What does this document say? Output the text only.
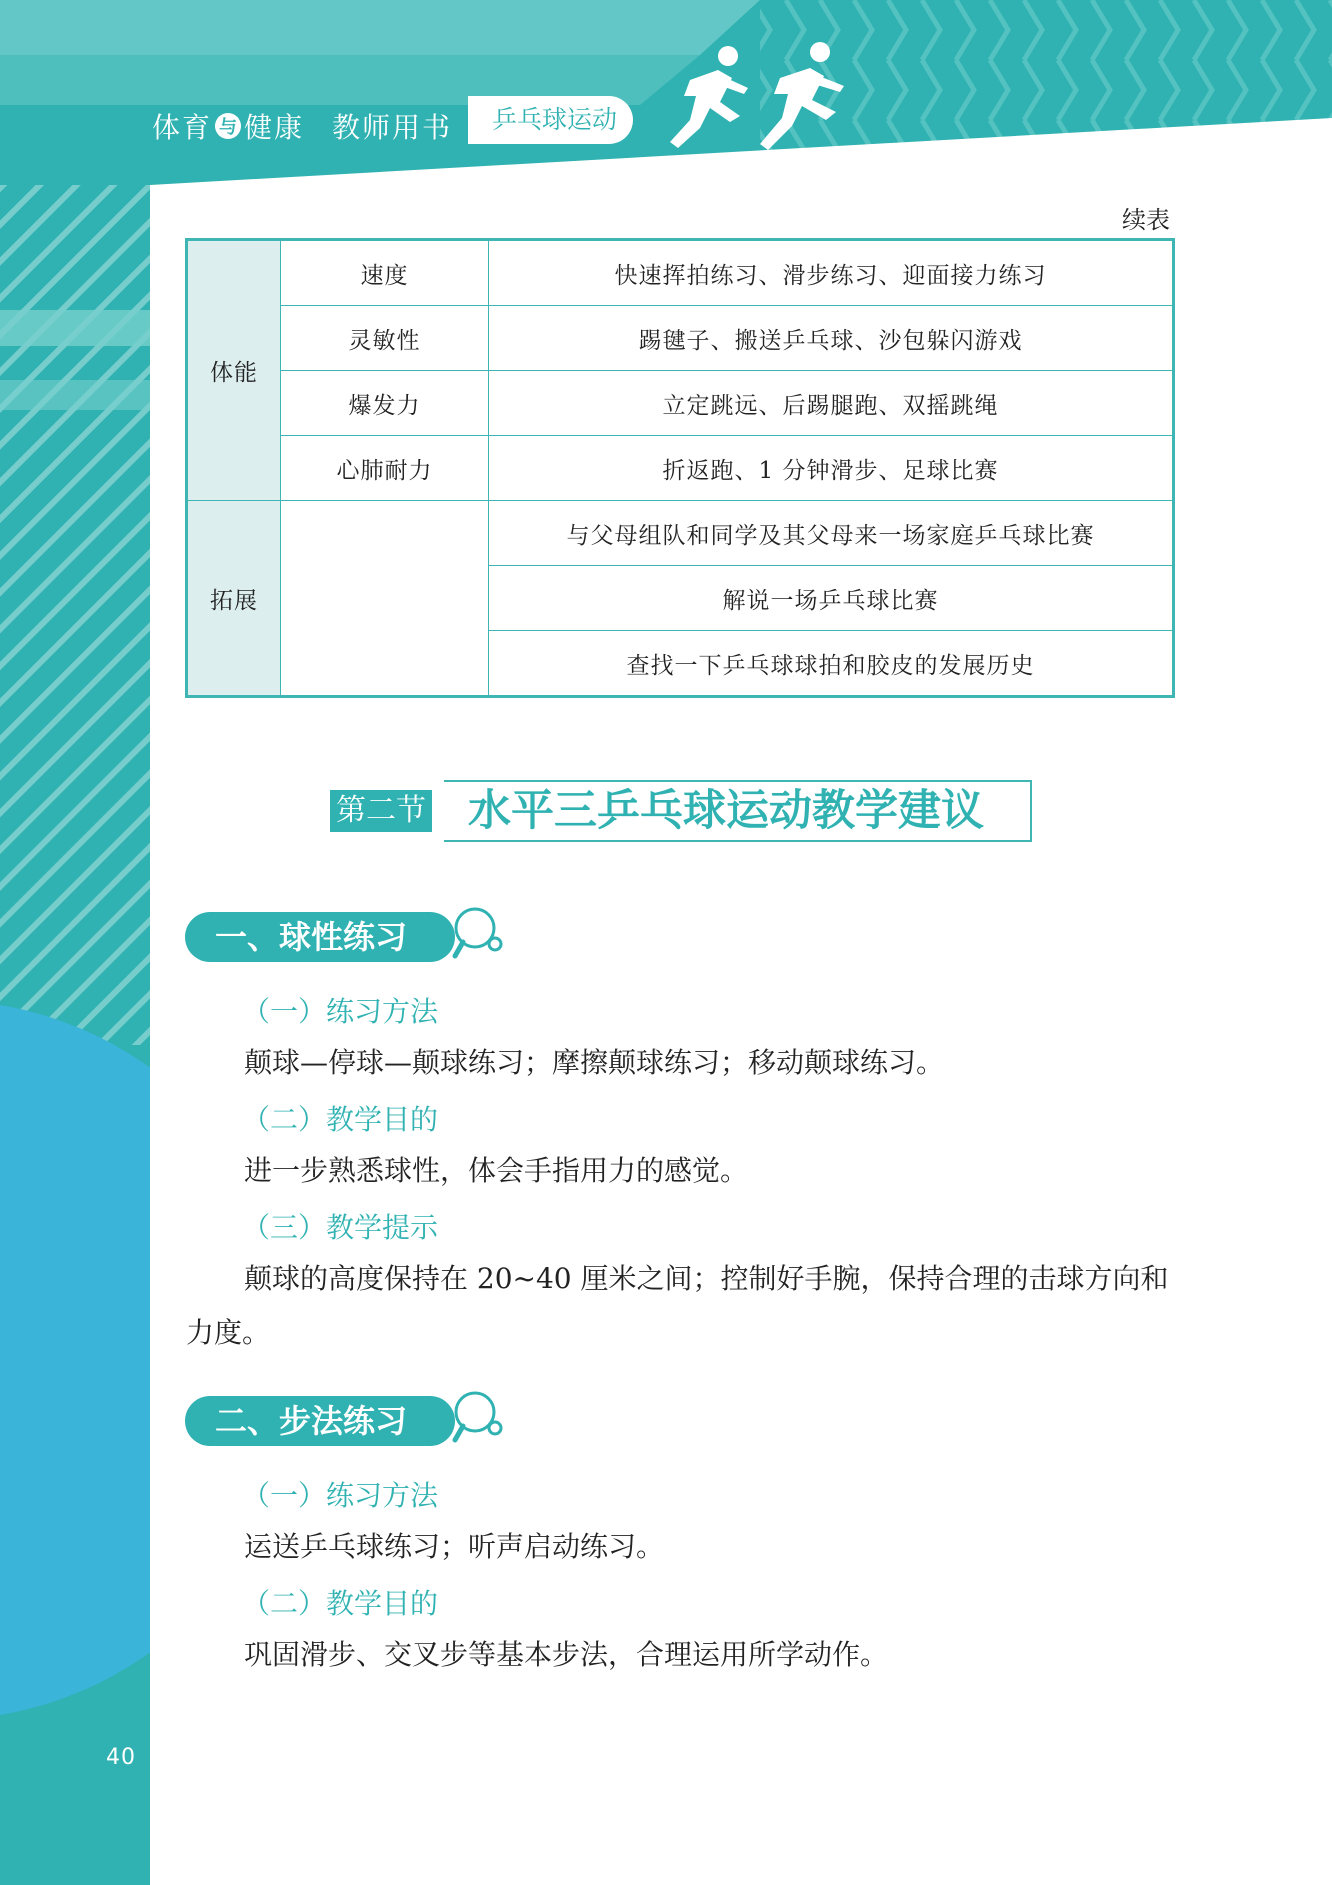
体育 与 健康 教师用书	乒乓球运动
续表
体能	速度	快速挥拍练习、滑步练习、迎面接力练习
	灵敏性	踢毽子、搬送乒乓球、沙包躲闪游戏
	爆发力	立定跳远、后踢腿跑、双摇跳绳
	心肺耐力	折返跑、1 分钟滑步、足球比赛
拓展		与父母组队和同学及其父母来一场家庭乒乓球比赛
		解说一场乒乓球比赛
		查找一下乒乓球球拍和胶皮的发展历史
第二节 水平三乒乓球运动教学建议
一、球性练习
（一）练习方法
颠球—停球—颠球练习；摩擦颠球练习；移动颠球练习。
（二）教学目的
进一步熟悉球性，体会手指用力的感觉。
（三）教学提示
颠球的高度保持在 20~40 厘米之间；控制好手腕，保持合理的击球方向和力度。
二、步法练习
（一）练习方法
运送乒乓球练习；听声启动练习。
（二）教学目的
巩固滑步、交叉步等基本步法，合理运用所学动作。
40
